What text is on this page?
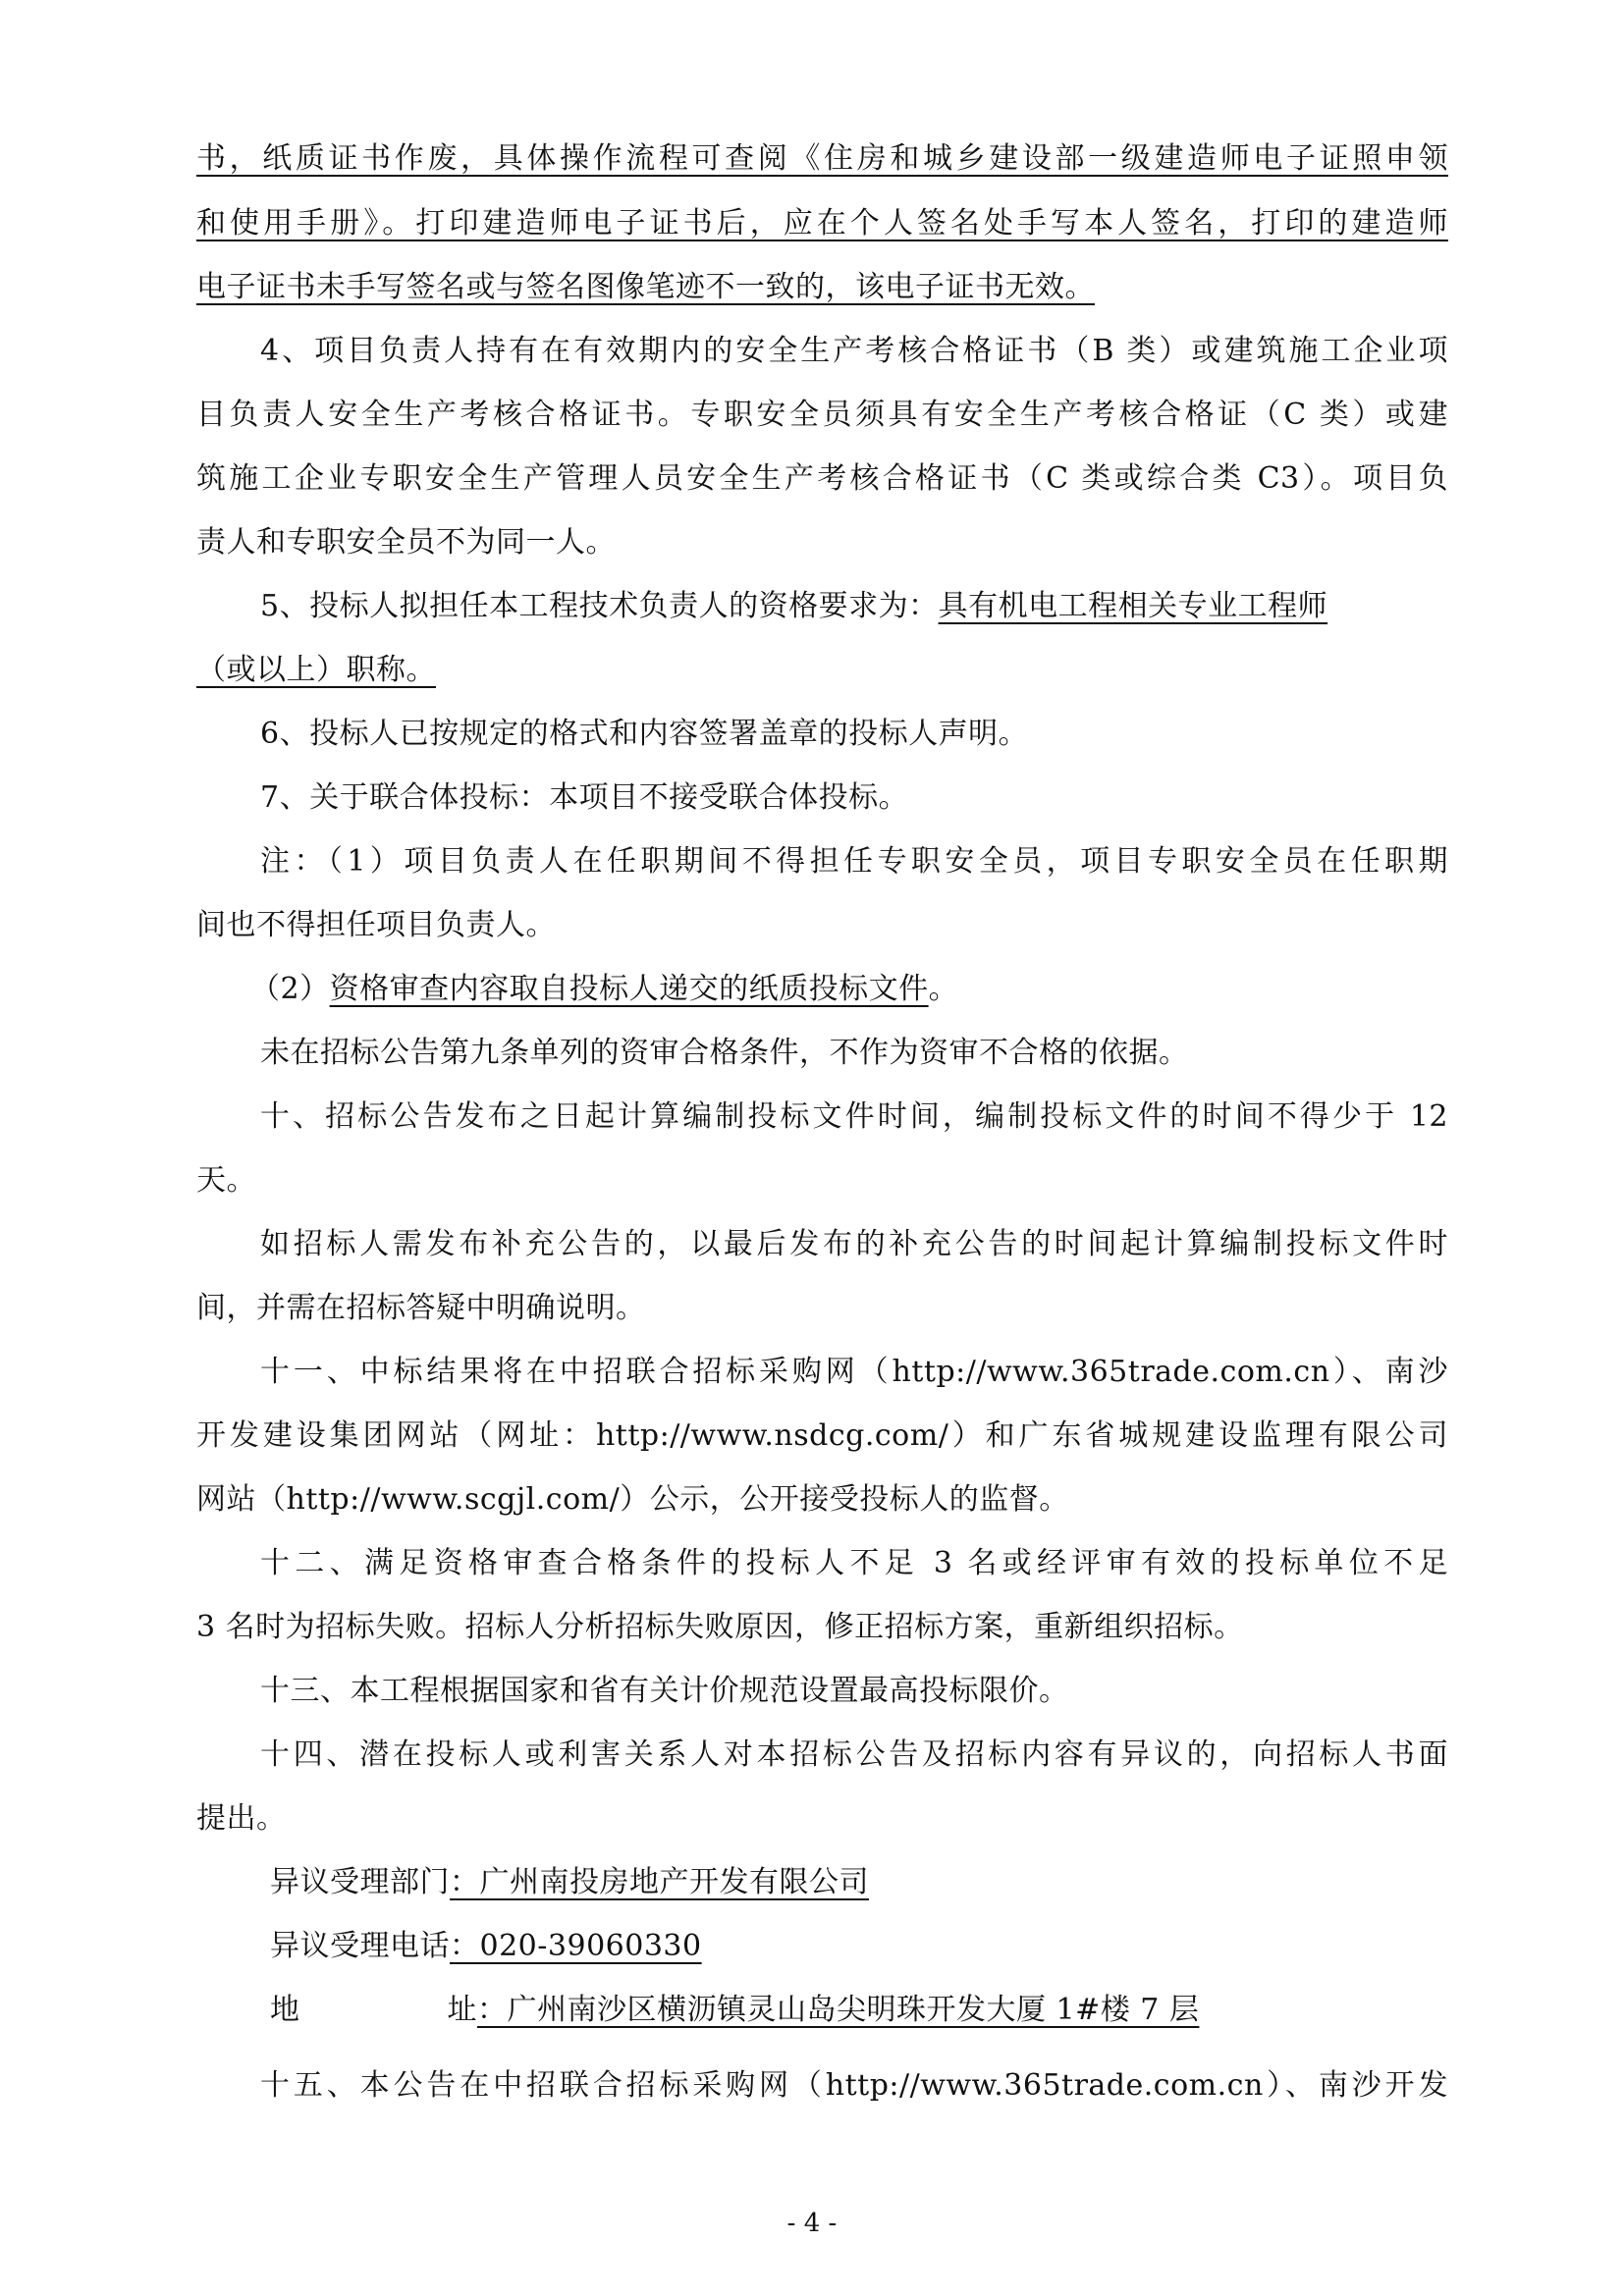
书，纸质证书作废，具体操作流程可查阅《住房和城乡建设部一级建造师电子证照申领
和使用手册》。打印建造师电子证书后，应在个人签名处手写本人签名，打印的建造师
电子证书未手写签名或与签名图像笔迹不一致的，该电子证书无效。
4、项目负责人持有在有效期内的安全生产考核合格证书（B 类）或建筑施工企业项
目负责人安全生产考核合格证书。专职安全员须具有安全生产考核合格证（C 类）或建
筑施工企业专职安全生产管理人员安全生产考核合格证书（C 类或综合类 C3）。项目负
责人和专职安全员不为同一人。
5、投标人拟担任本工程技术负责人的资格要求为：具有机电工程相关专业工程师
（或以上）职称。
6、投标人已按规定的格式和内容签署盖章的投标人声明。
7、关于联合体投标：本项目不接受联合体投标。
注：（1）项目负责人在任职期间不得担任专职安全员，项目专职安全员在任职期
间也不得担任项目负责人。
（2）资格审查内容取自投标人递交的纸质投标文件。
未在招标公告第九条单列的资审合格条件，不作为资审不合格的依据。
十、招标公告发布之日起计算编制投标文件时间，编制投标文件的时间不得少于 12
天。
如招标人需发布补充公告的，以最后发布的补充公告的时间起计算编制投标文件时
间，并需在招标答疑中明确说明。
十一、中标结果将在中招联合招标采购网（http://www.365trade.com.cn）、南沙
开发建设集团网站（网址：http://www.nsdcg.com/）和广东省城规建设监理有限公司
网站（http://www.scgjl.com/）公示，公开接受投标人的监督。
十二、满足资格审查合格条件的投标人不足 3 名或经评审有效的投标单位不足
3 名时为招标失败。招标人分析招标失败原因，修正招标方案，重新组织招标。
十三、本工程根据国家和省有关计价规范设置最高投标限价。
十四、潜在投标人或利害关系人对本招标公告及招标内容有异议的，向招标人书面
提出。
异议受理部门：广州南投房地产开发有限公司
异议受理电话：020-39060330
地	址：广州南沙区横沥镇灵山岛尖明珠开发大厦 1#楼 7 层
十五、本公告在中招联合招标采购网（http://www.365trade.com.cn）、南沙开发
- 4 -
